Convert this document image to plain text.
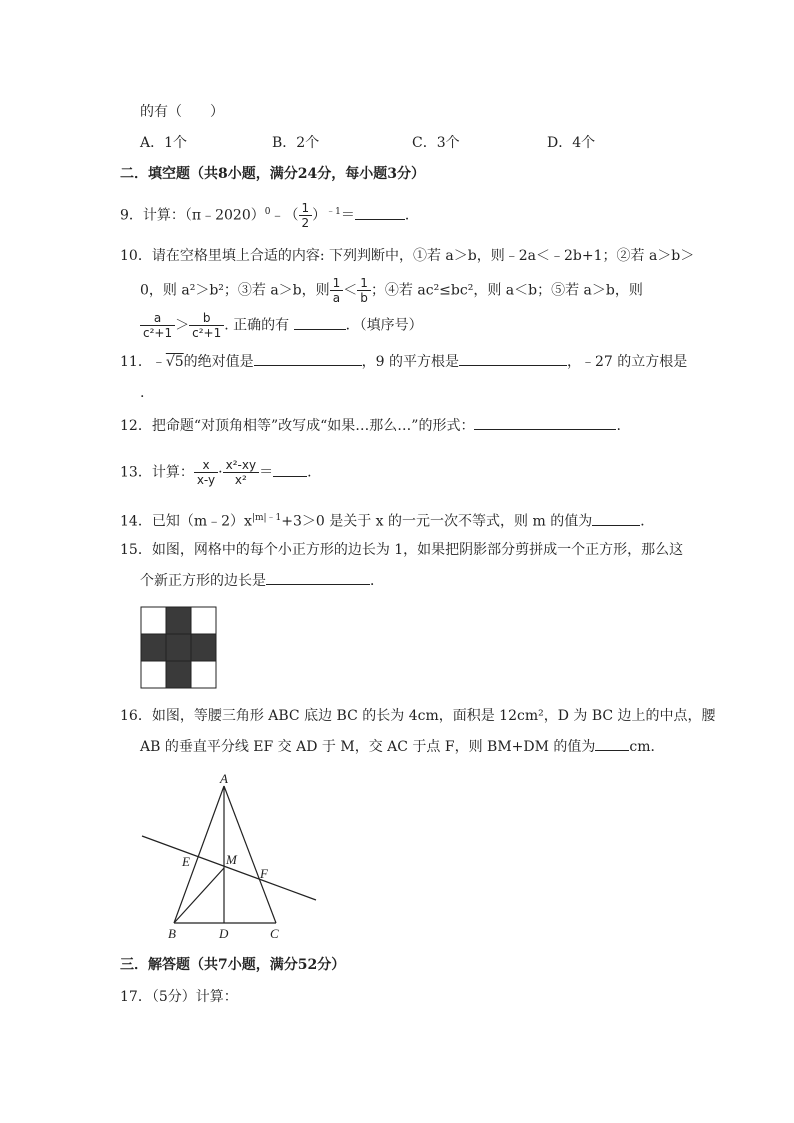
的有（　　）
A．1个	B．2个	C．3个	D．4个
二．填空题（共8小题，满分24分，每小题3分）
9．计算：（π﹣2020）$^0$﹣（ $\frac{1}{2} )^{﹣1}=$	．
10．请在空格里填上合适的内容: 下列判断中，①若 a＞b，则﹣2a＜﹣2b+1；②若 a＞b＞
0，则 a²＞b²；③若 a＞b，则 $\frac{1}{a} < \frac{1}{b}$ ；④若 ac²≤bc²，则 a＜b；⑤若 a＞b，则
$\frac{a}{\text{c²+1}} > \frac{b}{\text{c²+1}}$ . 正确的有	．（填序号）
11．﹣√5的绝对值是	，9 的平方根是	，﹣27 的立方根是
.
12．把命题“对顶角相等”改写成“如果…那么…”的形式：	.
13．计算： $\frac{x}{x-y} \cdot \frac{\text{x²-xy}}{\text{x²}}$ ＝ .
14．已知$(m﹣2)x^{|m|﹣1}+3>0$ 是关于 x 的一元一次不等式，则 m 的值为	．
15．如图，网格中的每个小正方形的边长为 1，如果把阴影部分剪拼成一个正方形，那么这
个新正方形的边长是	．
16．如图，等腰三角形 ABC 底边 BC 的长为 4cm，面积是 12cm²，D 为 BC 边上的中点，腰
AB 的垂直平分线 EF 交 AD 于 M，交 AC 于点 F，则 BM+DM 的值为 cm．
A
B	C
D
E
F
M
三．解答题（共7小题，满分52分）
17．（5分）计算：
